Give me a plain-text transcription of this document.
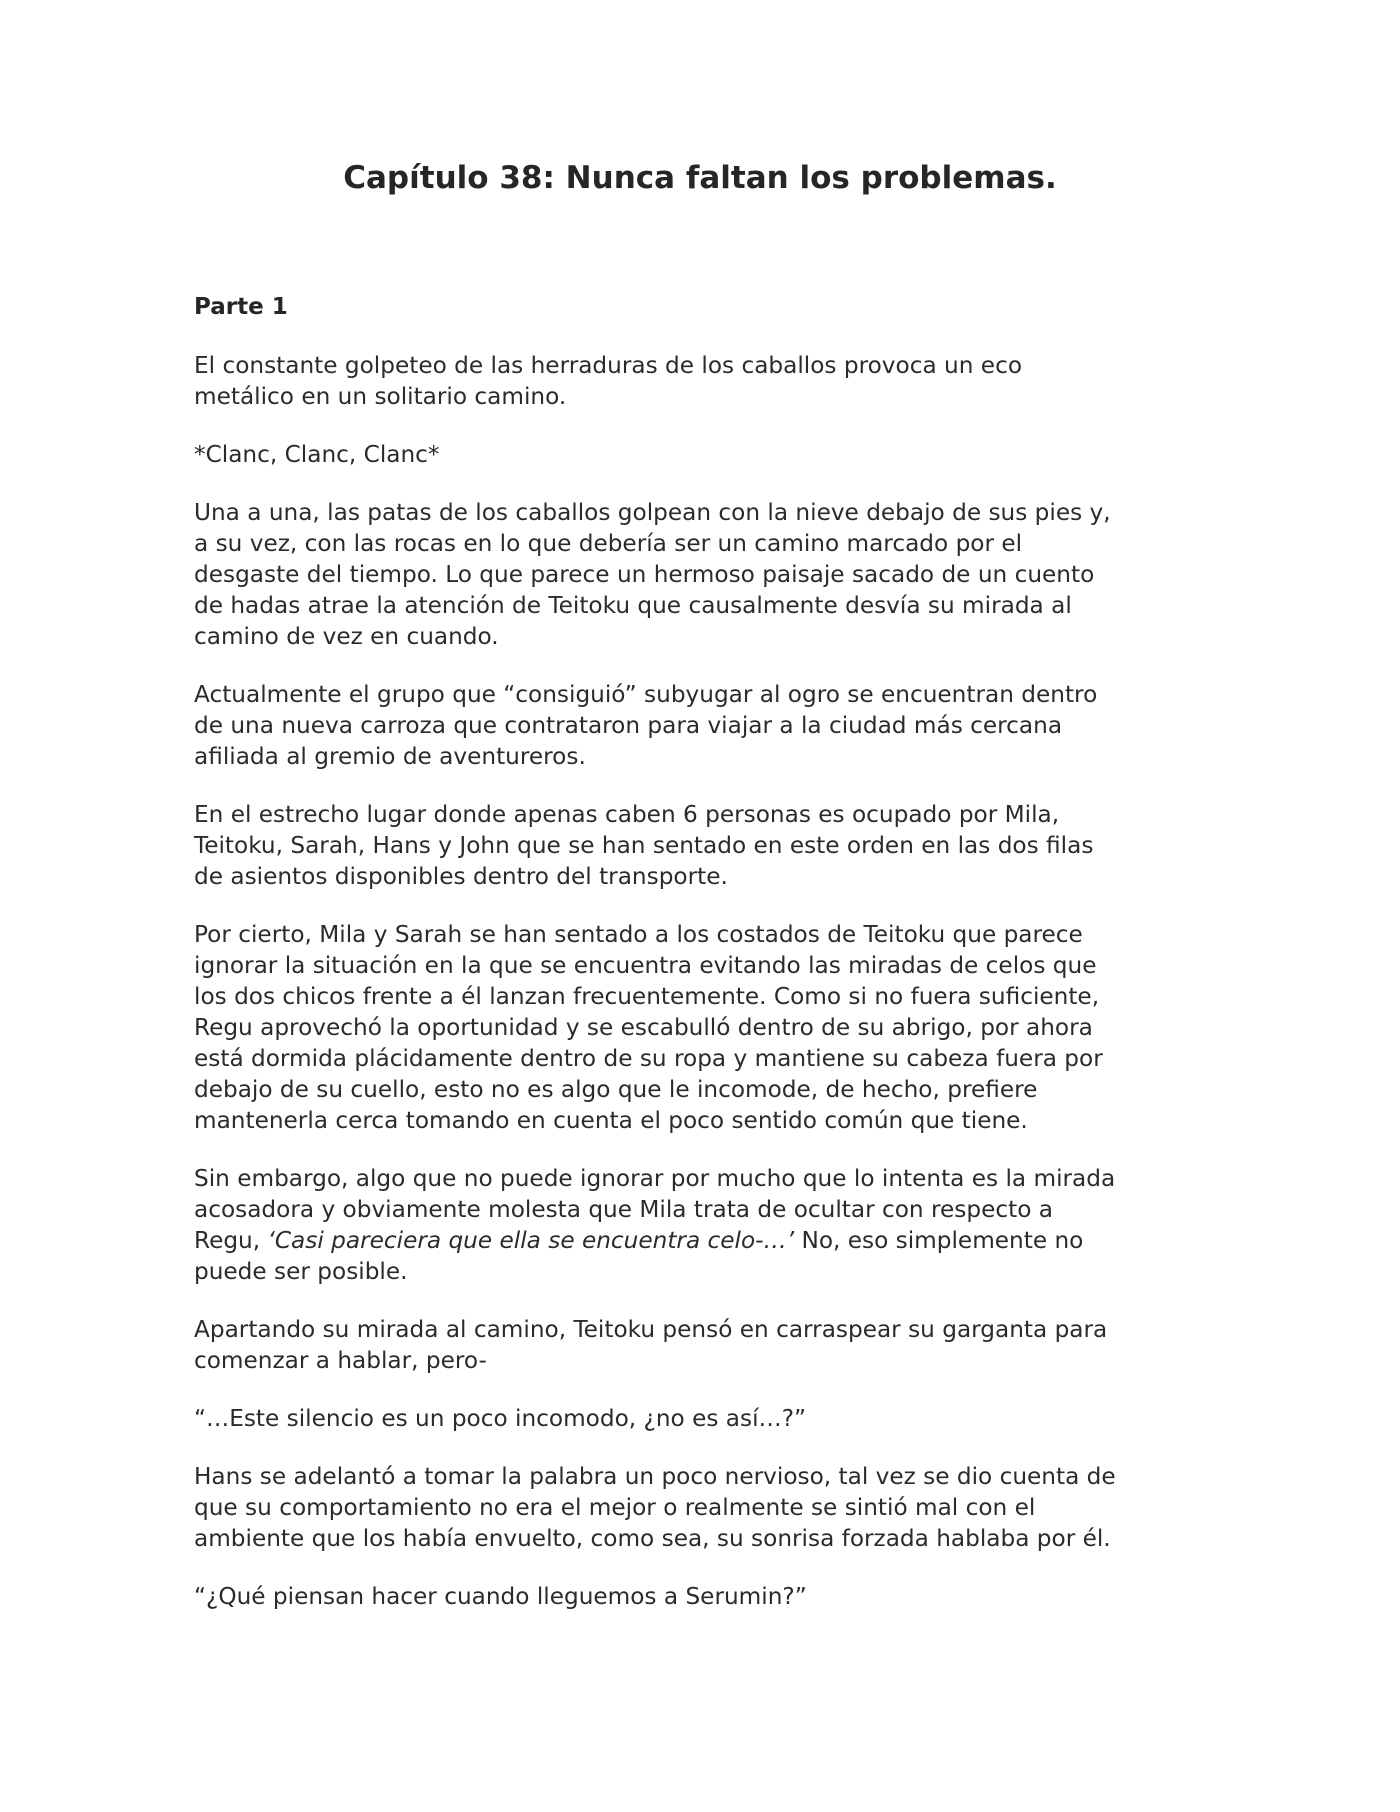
Capítulo 38: Nunca faltan los problemas.

Parte 1

El constante golpeteo de las herraduras de los caballos provoca un eco
metálico en un solitario camino.

*Clanc, Clanc, Clanc*

Una a una, las patas de los caballos golpean con la nieve debajo de sus pies y,
a su vez, con las rocas en lo que debería ser un camino marcado por el
desgaste del tiempo. Lo que parece un hermoso paisaje sacado de un cuento
de hadas atrae la atención de Teitoku que causalmente desvía su mirada al
camino de vez en cuando.

Actualmente el grupo que “consiguió” subyugar al ogro se encuentran dentro
de una nueva carroza que contrataron para viajar a la ciudad más cercana
afiliada al gremio de aventureros.

En el estrecho lugar donde apenas caben 6 personas es ocupado por Mila,
Teitoku, Sarah, Hans y John que se han sentado en este orden en las dos filas
de asientos disponibles dentro del transporte.

Por cierto, Mila y Sarah se han sentado a los costados de Teitoku que parece
ignorar la situación en la que se encuentra evitando las miradas de celos que
los dos chicos frente a él lanzan frecuentemente. Como si no fuera suficiente,
Regu aprovechó la oportunidad y se escabulló dentro de su abrigo, por ahora
está dormida plácidamente dentro de su ropa y mantiene su cabeza fuera por
debajo de su cuello, esto no es algo que le incomode, de hecho, prefiere
mantenerla cerca tomando en cuenta el poco sentido común que tiene.

Sin embargo, algo que no puede ignorar por mucho que lo intenta es la mirada
acosadora y obviamente molesta que Mila trata de ocultar con respecto a
Regu, ‘Casi pareciera que ella se encuentra celo-…’ No, eso simplemente no
puede ser posible.

Apartando su mirada al camino, Teitoku pensó en carraspear su garganta para
comenzar a hablar, pero-

“…Este silencio es un poco incomodo, ¿no es así…?”

Hans se adelantó a tomar la palabra un poco nervioso, tal vez se dio cuenta de
que su comportamiento no era el mejor o realmente se sintió mal con el
ambiente que los había envuelto, como sea, su sonrisa forzada hablaba por él.

“¿Qué piensan hacer cuando lleguemos a Serumin?”
